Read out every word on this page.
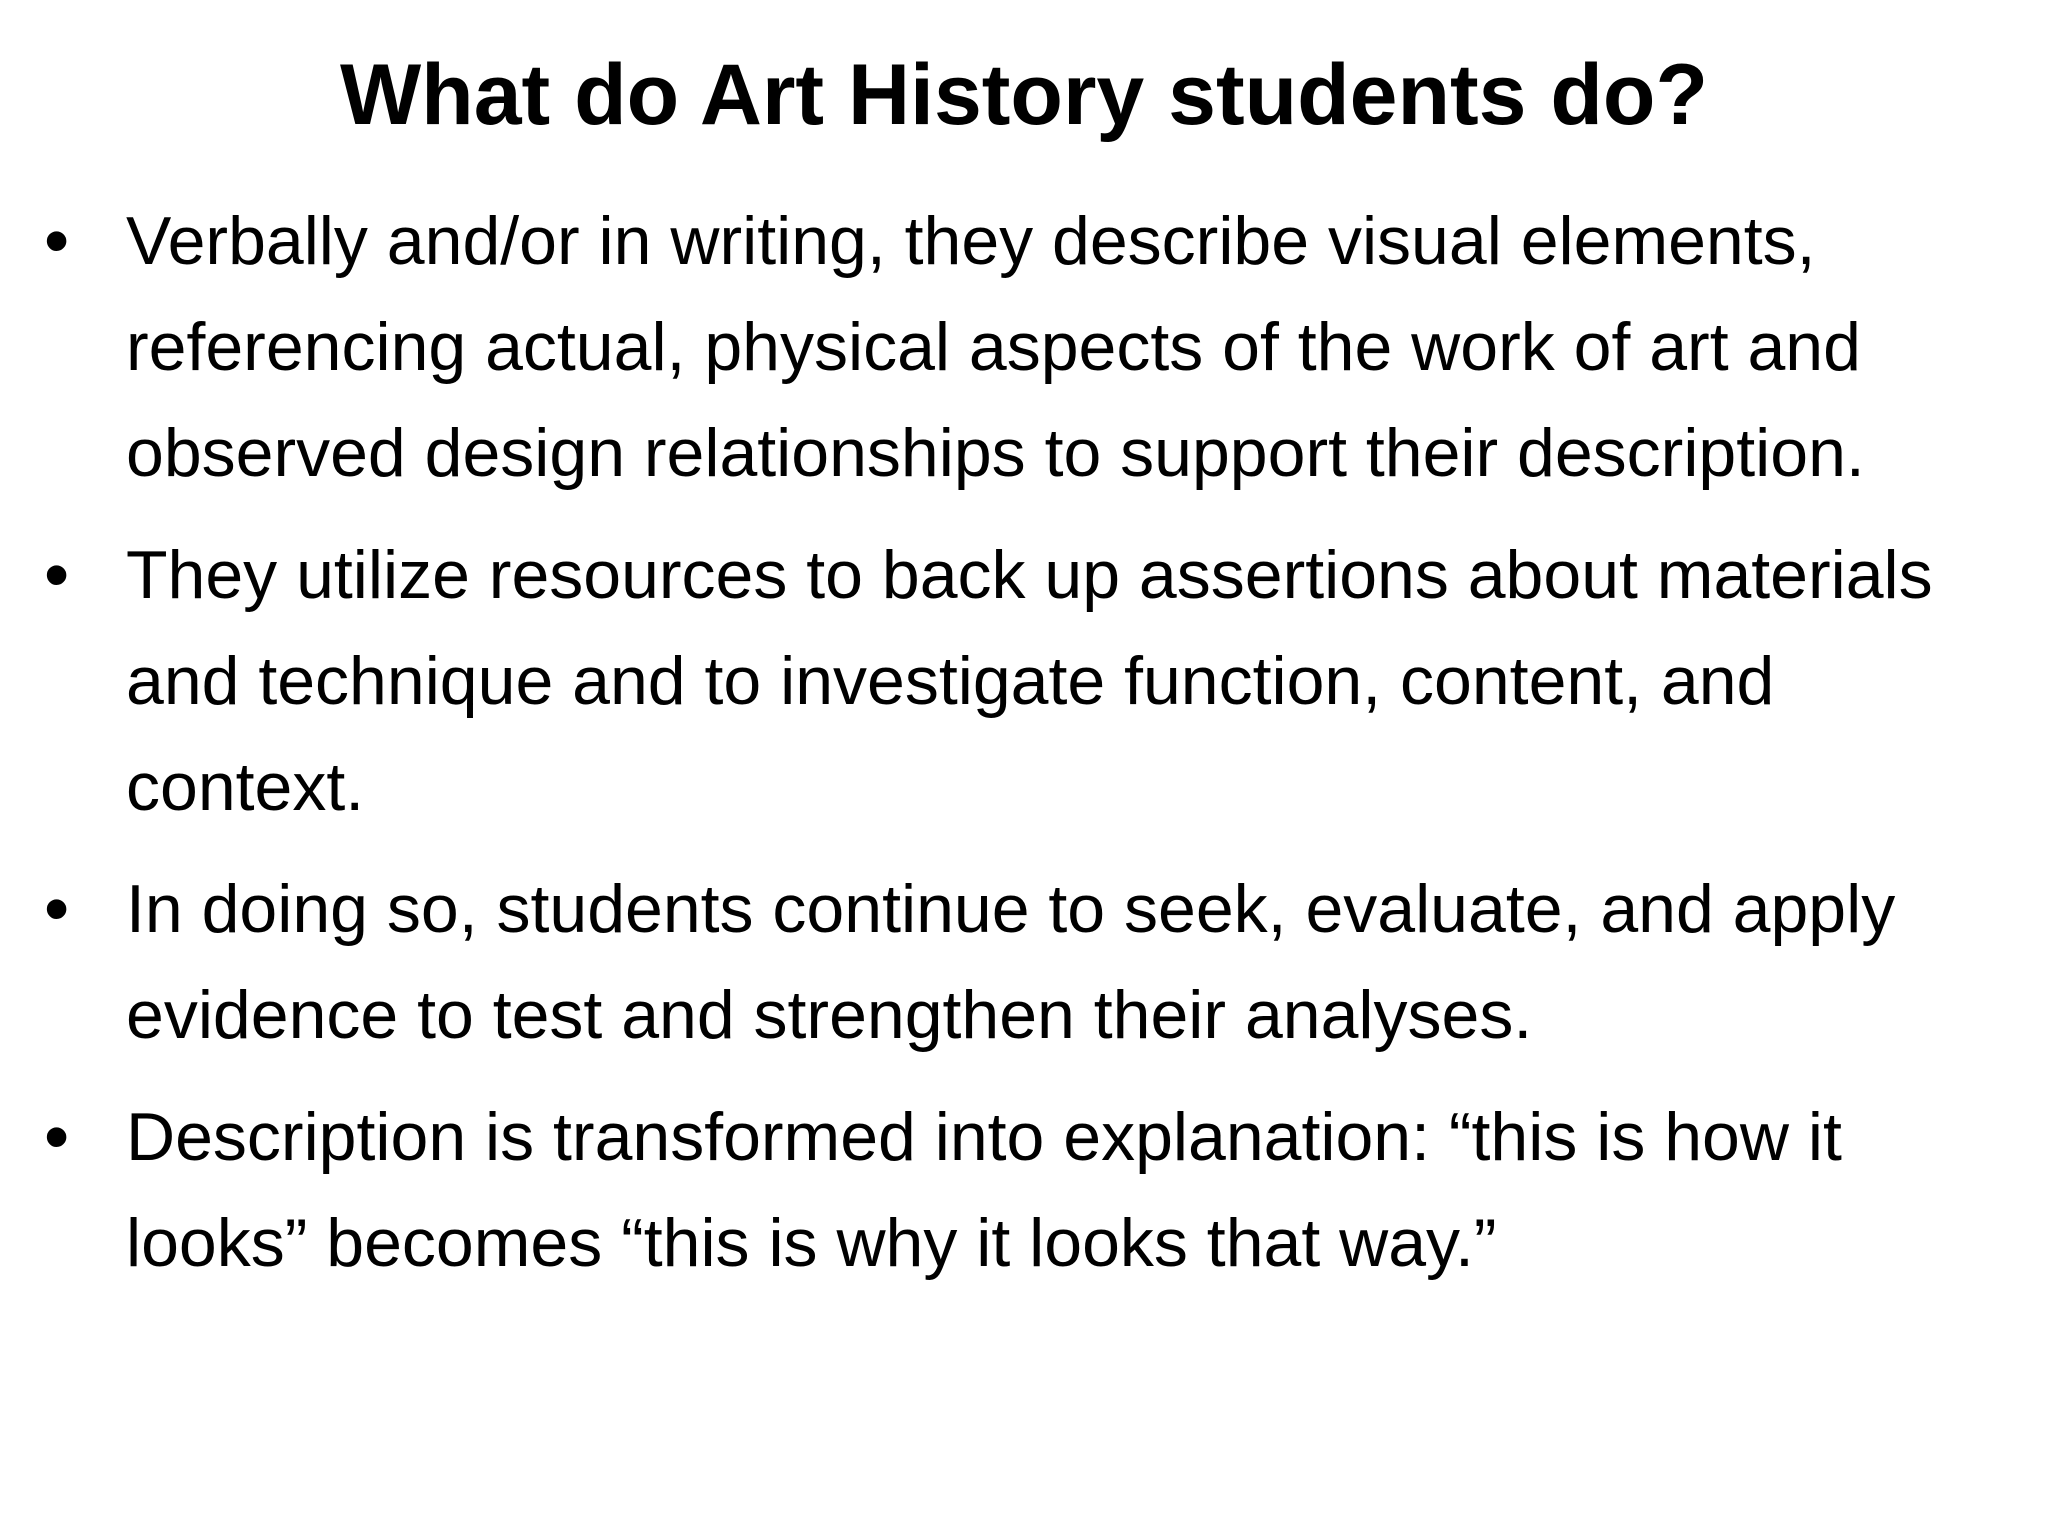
What do Art History students do?
• Verbally and/or in writing, they describe visual elements, referencing actual, physical aspects of the work of art and observed design relationships to support their description.

• They utilize resources to back up assertions about materials and technique and to investigate function, content, and context.

• In doing so, students continue to seek, evaluate, and apply evidence to test and strengthen their analyses.

• Description is transformed into explanation: “this is how it looks” becomes “this is why it looks that way.”
